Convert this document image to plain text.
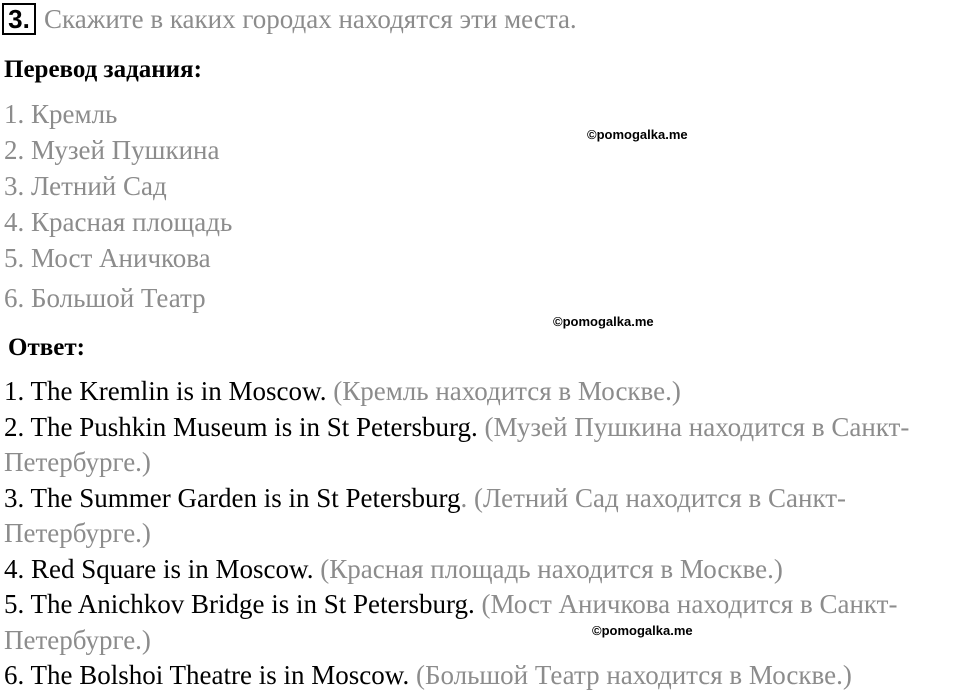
3. Скажите в каких городах находятся эти места.
Перевод задания:
1. Кремль
2. Музей Пушкина
3. Летний Сад
4. Красная площадь
5. Мост Аничкова
6. Большой Театр
©pomogalka.me
©pomogalka.me
Ответ:
1. The Kremlin is in Moscow. (Кремль находится в Москве.)
2. The Pushkin Museum is in St Petersburg. (Музей Пушкина находится в Санкт-Петербурге.)
3. The Summer Garden is in St Petersburg. (Летний Сад находится в Санкт-Петербурге.)
4. Red Square is in Moscow. (Красная площадь находится в Москве.)
5. The Anichkov Bridge is in St Petersburg. (Мост Аничкова находится в Санкт-Петербурге.)
6. The Bolshoi Theatre is in Moscow. (Большой Театр находится в Москве.)
©pomogalka.me
